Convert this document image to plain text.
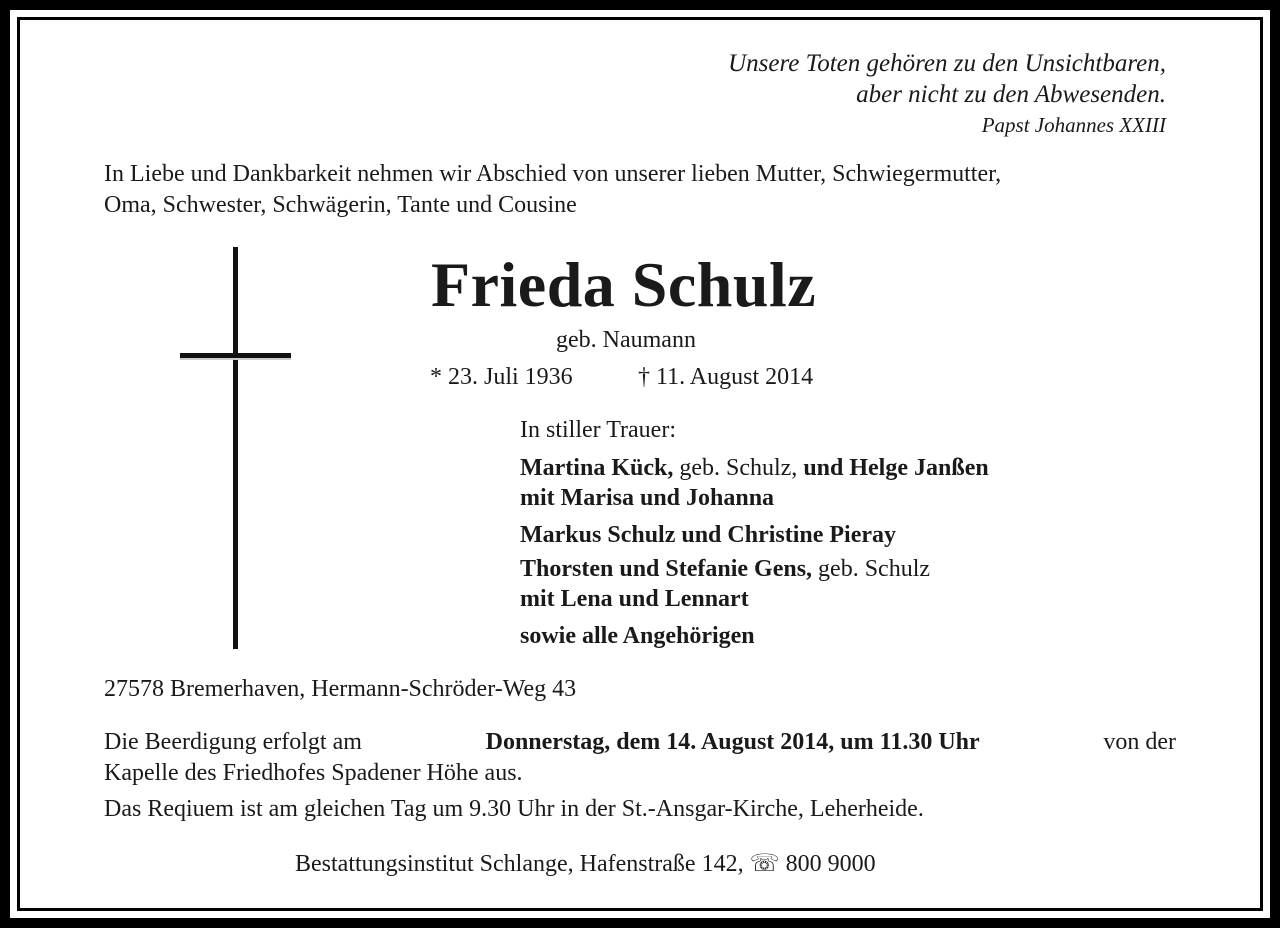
Unsere Toten gehören zu den Unsichtbaren,
aber nicht zu den Abwesenden.
Papst Johannes XXIII
In Liebe und Dankbarkeit nehmen wir Abschied von unserer lieben Mutter, Schwiegermutter,
Oma, Schwester, Schwägerin, Tante und Cousine
Frieda Schulz
geb. Naumann
* 23. Juli 1936	† 11. August 2014
In stiller Trauer:
Martina Kück, geb. Schulz, und Helge Janßen
mit Marisa und Johanna
Markus Schulz und Christine Pieray
Thorsten und Stefanie Gens, geb. Schulz
mit Lena und Lennart
sowie alle Angehörigen
27578 Bremerhaven, Hermann-Schröder-Weg 43
Die Beerdigung erfolgt am	Donnerstag, dem 14. August 2014, um 11.30 Uhr	von der
Kapelle des Friedhofes Spadener Höhe aus.
Das Reqiuem ist am gleichen Tag um 9.30 Uhr in der St.-Ansgar-Kirche, Leherheide.
Bestattungsinstitut Schlange, Hafenstraße 142, ☏ 800 9000
